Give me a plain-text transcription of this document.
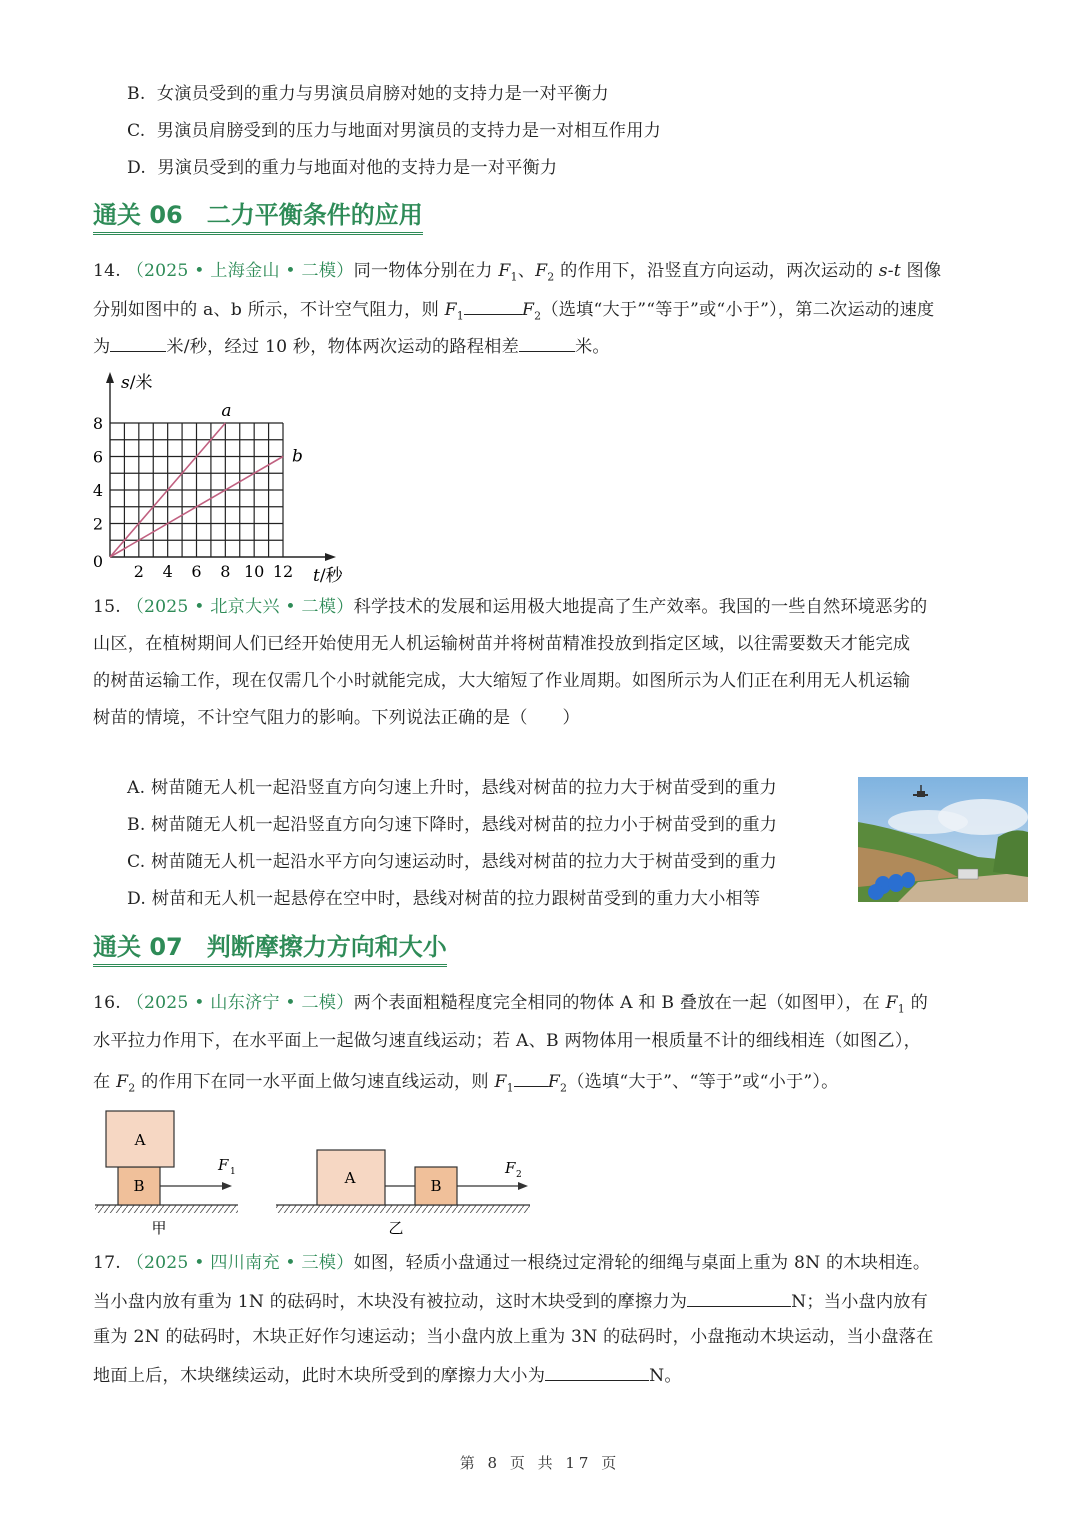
B. 女演员受到的重力与男演员肩膀对她的支持力是一对平衡力
C. 男演员肩膀受到的压力与地面对男演员的支持力是一对相互作用力
D. 男演员受到的重力与地面对他的支持力是一对平衡力
通关 06　二力平衡条件的应用
14. （2025 • 上海金山 • 二模）同一物体分别在力 $F_1$、$F_2$ 的作用下，沿竖直方向运动，两次运动的 s-t 图像
分别如图中的 a、b 所示，不计空气阻力，则 $F_1$	$F_2$（选填“大于”“等于”或“小于”），第二次运动的速度
为	米/秒，经过 10 秒，物体两次运动的路程相差	米。
a
b
s/米
t/秒
2 4 6 8 10 12
0
2
4
6
8
15. （2025 • 北京大兴 • 二模）科学技术的发展和运用极大地提高了生产效率。我国的一些自然环境恶劣的
山区，在植树期间人们已经开始使用无人机运输树苗并将树苗精准投放到指定区域，以往需要数天才能完成
的树苗运输工作，现在仅需几个小时就能完成，大大缩短了作业周期。如图所示为人们正在利用无人机运输
树苗的情境，不计空气阻力的影响。下列说法正确的是（　　）
A. 树苗随无人机一起沿竖直方向匀速上升时，悬线对树苗的拉力大于树苗受到的重力
B. 树苗随无人机一起沿竖直方向匀速下降时，悬线对树苗的拉力小于树苗受到的重力
C. 树苗随无人机一起沿水平方向匀速运动时，悬线对树苗的拉力大于树苗受到的重力
D. 树苗和无人机一起悬停在空中时，悬线对树苗的拉力跟树苗受到的重力大小相等
通关 07　判断摩擦力方向和大小
16. （2025 • 山东济宁 • 二模）两个表面粗糙程度完全相同的物体 A 和 B 叠放在一起（如图甲），在 $F_1$ 的
水平拉力作用下，在水平面上一起做匀速直线运动；若 A、B 两物体用一根质量不计的细线相连（如图乙），
在 $F_2$ 的作用下在同一水平面上做匀速直线运动，则 $F_1$ $F_2$（选填“大于”、“等于”或“小于”）。
A
B
F 1
甲
A	B
F 2
乙
17. （2025 • 四川南充 • 三模）如图，轻质小盘通过一根绕过定滑轮的细绳与桌面上重为 8N 的木块相连。
当小盘内放有重为 1N 的砝码时，木块没有被拉动，这时木块受到的摩擦力为	N；当小盘内放有
重为 2N 的砝码时，木块正好作匀速运动；当小盘内放上重为 3N 的砝码时，小盘拖动木块运动，当小盘落在
地面上后，木块继续运动，此时木块所受到的摩擦力大小为	N。
第 8 页 共 17 页
